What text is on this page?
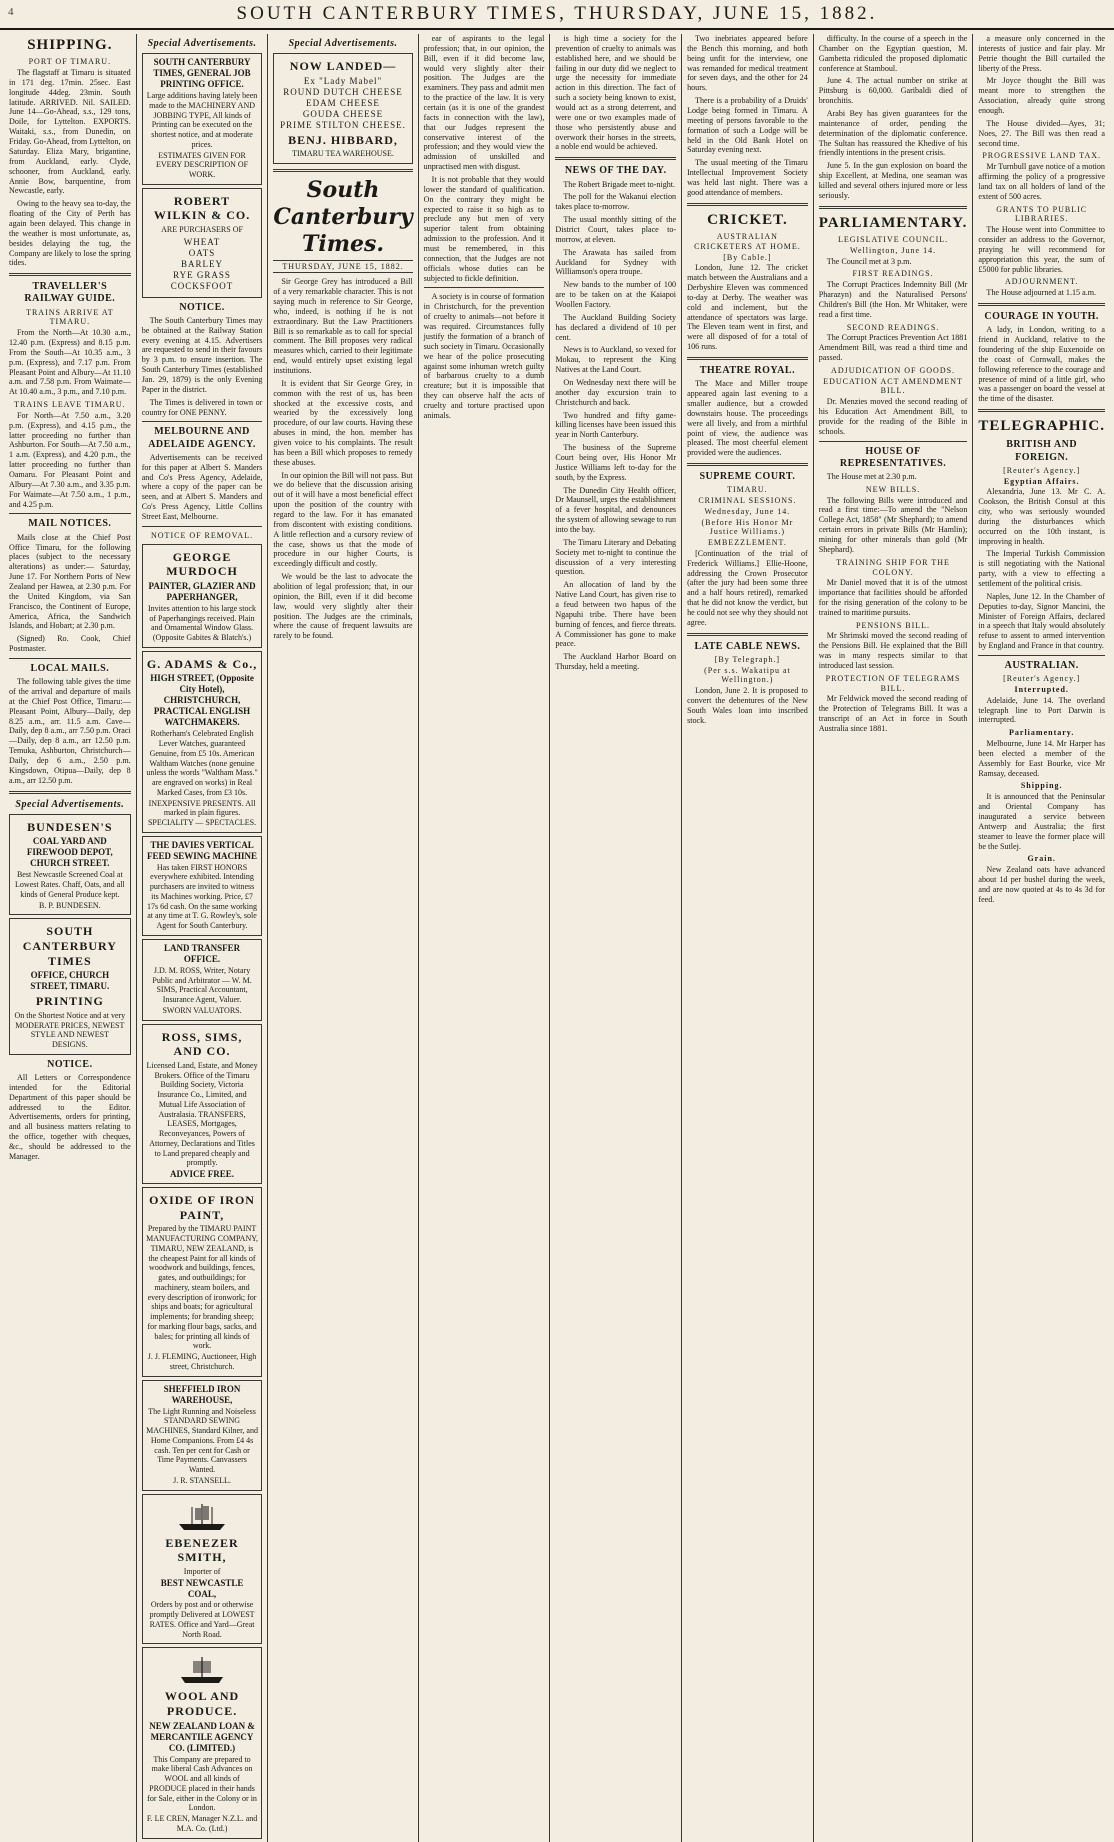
4	SOUTH CANTERBURY TIMES, THURSDAY, JUNE 15, 1882.
SHIPPING.
PORT OF TIMARU.

The flagstaff at Timaru is situated in 171 deg. 17min. 25sec. East longitude 44deg. 23min. South latitude. ARRIVED. Nil. SAILED. June 14—Go-Ahead, s.s., 129 tons, Doile, for Lyttelton. EXPORTS. Waitaki, s.s., from Dunedin, on Friday. Go-Ahead, from Lyttelton, on Saturday. Eliza Mary, brigantine, from Auckland, early. Clyde, schooner, from Auckland, early. Annie Bow, barquentine, from Newcastle, early.

Owing to the heavy sea to-day, the floating of the City of Perth has again been delayed. This change in the weather is most unfortunate, as, besides delaying the tug, the Company are likely to lose the spring tides.

TRAVELLER'S RAILWAY GUIDE.
TRAINS ARRIVE AT TIMARU.

From the North—At 10.30 a.m., 12.40 p.m. (Express) and 8.15 p.m. From the South—At 10.35 a.m., 3 p.m. (Express), and 7.17 p.m. From Pleasant Point and Albury—At 11.10 a.m. and 7.58 p.m. From Waimate—At 10.40 a.m., 3 p.m., and 7.10 p.m.

TRAINS LEAVE TIMARU.

For North—At 7.50 a.m., 3.20 p.m. (Express), and 4.15 p.m., the latter proceeding no further than Ashburton. For South—At 7.50 a.m., 1 a.m. (Express), and 4.20 p.m., the latter proceeding no further than Oamaru. For Pleasant Point and Albury—At 7.30 a.m., and 3.35 p.m. For Waimate—At 7.50 a.m., 1 p.m., and 4.25 p.m.

MAIL NOTICES.

Mails close at the Chief Post Office Timaru, for the following places (subject to the necessary alterations) as under:— Saturday, June 17. For Northern Ports of New Zealand per Hawea, at 2.30 p.m. For the United Kingdom, via San Francisco, the Continent of Europe, America, Africa, the Sandwich Islands, and Hobart; at 2.30 p.m.

(Signed) Ro. Cook, Chief Postmaster.

LOCAL MAILS.

The following table gives the time of the arrival and departure of mails at the Chief Post Office, Timaru:— Pleasant Point, Albury—Daily, dep 8.25 a.m., arr. 11.5 a.m. Cave—Daily, dep 8 a.m., arr 7.50 p.m. Oraci—Daily, dep 8 a.m., arr 12.50 p.m. Temuka, Ashburton, Christchurch—Daily, dep 6 a.m., 2.50 p.m. Kingsdown, Otipua—Daily, dep 8 a.m., arr 12.50 p.m.

Special Advertisements.
BUNDESEN'S
COAL YARD AND FIREWOOD DEPOT, CHURCH STREET.
Best Newcastle Screened Coal at Lowest Rates. Chaff, Oats, and all kinds of General Produce kept.
B. P. BUNDESEN.
SOUTH CANTERBURY TIMES
OFFICE, CHURCH STREET, TIMARU.
PRINTING
On the Shortest Notice and at very MODERATE PRICES, NEWEST STYLE AND NEWEST DESIGNS.
NOTICE.

All Letters or Correspondence intended for the Editorial Department of this paper should be addressed to the Editor. Advertisements, orders for printing, and all business matters relating to the office, together with cheques, &c., should be addressed to the Manager.

Special Advertisements.
SOUTH CANTERBURY TIMES, GENERAL JOB PRINTING OFFICE.
Large additions having lately been made to the MACHINERY AND JOBBING TYPE, All kinds of Printing can be executed on the shortest notice, and at moderate prices.
ESTIMATES GIVEN FOR EVERY DESCRIPTION OF WORK.
ROBERT WILKIN & CO.
ARE PURCHASERS OF
WHEAT
OATS
BARLEY
RYE GRASS
COCKSFOOT
NOTICE.

The South Canterbury Times may be obtained at the Railway Station every evening at 4.15. Advertisers are requested to send in their favours by 3 p.m. to ensure insertion. The South Canterbury Times (established Jan. 29, 1879) is the only Evening Paper in the district.

The Times is delivered in town or country for ONE PENNY.

MELBOURNE AND ADELAIDE AGENCY.

Advertisements can be received for this paper at Albert S. Manders and Co's Press Agency, Adelaide, where a copy of the paper can be seen, and at Albert S. Manders and Co's Press Agency, Little Collins Street East, Melbourne.

NOTICE OF REMOVAL.
GEORGE MURDOCH
PAINTER, GLAZIER AND PAPERHANGER,
Invites attention to his large stock of Paperhangings received. Plain and Ornamental Window Glass. (Opposite Gabites & Blatch's.)
G. ADAMS & Co.,
HIGH STREET, (Opposite City Hotel), CHRISTCHURCH, PRACTICAL ENGLISH WATCHMAKERS.
Rotherham's Celebrated English Lever Watches, guaranteed Genuine, from £5 10s. American Waltham Watches (none genuine unless the words "Waltham Mass." are engraved on works) in Real Marked Cases, from £3 10s.
INEXPENSIVE PRESENTS. All marked in plain figures. SPECIALITY — SPECTACLES.
THE DAVIES VERTICAL FEED SEWING MACHINE
Has taken FIRST HONORS everywhere exhibited. Intending purchasers are invited to witness its Machines working. Price, £7 17s 6d cash. On the same working at any time at T. G. Rowley's, sole Agent for South Canterbury.
LAND TRANSFER OFFICE.
J.D. M. ROSS, Writer, Notary Public and Arbitrator — W. M. SIMS, Practical Accountant, Insurance Agent, Valuer.
SWORN VALUATORS.
ROSS, SIMS, AND CO.
Licensed Land, Estate, and Money Brokers. Office of the Timaru Building Society, Victoria Insurance Co., Limited, and Mutual Life Association of Australasia. TRANSFERS, LEASES, Mortgages, Reconveyances, Powers of Attorney, Declarations and Titles to Land prepared cheaply and promptly.
ADVICE FREE.
OXIDE OF IRON PAINT,
Prepared by the TIMARU PAINT MANUFACTURING COMPANY, TIMARU, NEW ZEALAND, is the cheapest Paint for all kinds of woodwork and buildings, fences, gates, and outbuildings; for machinery, steam boilers, and every description of ironwork; for ships and boats; for agricultural implements; for branding sheep; for marking flour bags, sacks, and bales; for printing all kinds of work.
J. J. FLEMING, Auctioneer, High street, Christchurch.
SHEFFIELD IRON WAREHOUSE,
The Light Running and Noiseless STANDARD SEWING MACHINES, Standard Kilner, and Home Companions. From £4 4s cash. Ten per cent for Cash or Time Payments. Canvassers Wanted.
J. R. STANSELL.
EBENEZER SMITH,
Importer of
BEST NEWCASTLE COAL,
Orders by post and or otherwise promptly Delivered at LOWEST RATES. Office and Yard—Great North Road.
WOOL AND PRODUCE.
NEW ZEALAND LOAN & MERCANTILE AGENCY CO. (LIMITED.)
This Company are prepared to make liberal Cash Advances on WOOL and all kinds of PRODUCE placed in their hands for Sale, either in the Colony or in London.
F. LE CREN, Manager N.Z.L. and M.A. Co. (Ltd.)
Special Advertisements.
NOW LANDED—
Ex "Lady Mabel"
ROUND DUTCH CHEESE
EDAM CHEESE
GOUDA CHEESE
PRIME STILTON CHEESE.
BENJ. HIBBARD,
TIMARU TEA WAREHOUSE.
South Canterbury Times.
THURSDAY, JUNE 15, 1882.

Sir George Grey has introduced a Bill of a very remarkable character. This is not saying much in reference to Sir George, who, indeed, is nothing if he is not extraordinary. But the Law Practitioners Bill is so remarkable as to call for special comment. The Bill proposes very radical measures which, carried to their legitimate end, would entirely upset existing legal institutions.

It is evident that Sir George Grey, in common with the rest of us, has been shocked at the excessive costs, and wearied by the excessively long procedure, of our law courts. Having these abuses in mind, the hon. member has given voice to his complaints. The result has been a Bill which proposes to remedy these abuses.

In our opinion the Bill will not pass. But we do believe that the discussion arising out of it will have a most beneficial effect upon the position of the country with regard to the law. For it has emanated from discontent with existing conditions. A little reflection and a cursory review of the case, shows us that the mode of procedure in our higher Courts, is exceedingly difficult and costly.

We would be the last to advocate the abolition of legal profession; that, in our opinion, the Bill, even if it did become law, would very slightly alter their position. The Judges are the criminals, where the cause of frequent lawsuits are rarely to be found.

ear of aspirants to the legal profession; that, in our opinion, the Bill, even if it did become law, would very slightly alter their position. The Judges are the examiners. They pass and admit men to the practice of the law. It is very certain (as it is one of the grandest facts in connection with the law), that our Judges represent the conservative interest of the profession; and they would view the admission of unskilled and unpractised men with disgust.

It is not probable that they would lower the standard of qualification. On the contrary they might be expected to raise it so high as to preclude any but men of very superior talent from obtaining admission to the profession. And it must be remembered, in this connection, that the Judges are not officials whose duties can be subjected to fickle definition.

A society is in course of formation in Christchurch, for the prevention of cruelty to animals—not before it was required. Circumstances fully justify the formation of a branch of such society in Timaru. Occasionally we hear of the police prosecuting against some inhuman wretch guilty of barbarous cruelty to a dumb creature; but it is impossible that they can observe half the acts of cruelty and torture practised upon animals.

is high time a society for the prevention of cruelty to animals was established here, and we should be failing in our duty did we neglect to urge the necessity for immediate action in this direction. The fact of such a society being known to exist, would act as a strong deterrent, and were one or two examples made of those who persistently abuse and overwork their horses in the streets, a noble end would be achieved.

NEWS OF THE DAY.

The Robert Brigade meet to-night.

The poll for the Wakanui election takes place to-morrow.

The usual monthly sitting of the District Court, takes place to-morrow, at eleven.

The Arawata has sailed from Auckland for Sydney with Williamson's opera troupe.

New bands to the number of 100 are to be taken on at the Kaiapoi Woollen Factory.

The Auckland Building Society has declared a dividend of 10 per cent.

News is to Auckland, so vexed for Mokau, to represent the King Natives at the Land Court.

On Wednesday next there will be another day excursion train to Christchurch and back.

Two hundred and fifty game-killing licenses have been issued this year in North Canterbury.

The business of the Supreme Court being over, His Honor Mr Justice Williams left to-day for the south, by the Express.

The Dunedin City Health officer, Dr Maunsell, urges the establishment of a fever hospital, and denounces the system of allowing sewage to run into the bay.

The Timaru Literary and Debating Society met to-night to continue the discussion of a very interesting question.

An allocation of land by the Native Land Court, has given rise to a feud between two hapus of the Ngapuhi tribe. There have been burning of fences, and fierce threats. A Commissioner has gone to make peace.

The Auckland Harbor Board on Thursday, held a meeting.

Two inebriates appeared before the Bench this morning, and both being unfit for the interview, one was remanded for medical treatment for seven days, and the other for 24 hours.

There is a probability of a Druids' Lodge being formed in Timaru. A meeting of persons favorable to the formation of such a Lodge will be held in the Old Bank Hotel on Saturday evening next.

The usual meeting of the Timaru Intellectual Improvement Society was held last night. There was a good attendance of members.

CRICKET.
AUSTRALIAN CRICKETERS AT HOME.
[By Cable.]

London, June 12. The cricket match between the Australians and a Derbyshire Eleven was commenced to-day at Derby. The weather was cold and inclement, but the attendance of spectators was large. The Eleven team went in first, and were all disposed of for a total of 106 runs.

THEATRE ROYAL.

The Mace and Miller troupe appeared again last evening to a smaller audience, but a crowded downstairs house. The proceedings were all lively, and from a mirthful point of view, the audience was pleased. The most cheerful element provided were the audiences.

SUPREME COURT.
TIMARU.
CRIMINAL SESSIONS.
Wednesday, June 14.
(Before His Honor Mr Justice Williams.)
EMBEZZLEMENT.

[Continuation of the trial of Frederick Williams.] Ellie-Hoone, addressing the Crown Prosecutor (after the jury had been some three and a half hours retired), remarked that he did not know the verdict, but he could not see why they should not agree.

LATE CABLE NEWS.
[By Telegraph.]
(Per s.s. Wakatipu at Wellington.)

London, June 2. It is proposed to convert the debentures of the New South Wales loan into inscribed stock.

difficulty. In the course of a speech in the Chamber on the Egyptian question, M. Gambetta ridiculed the proposed diplomatic conference at Stamboul.

June 4. The actual number on strike at Pittsburg is 60,000. Garibaldi died of bronchitis.

Arabi Bey has given guarantees for the maintenance of order, pending the determination of the diplomatic conference. The Sultan has reassured the Khedive of his friendly intentions in the present crisis.

June 5. In the gun explosion on board the ship Excellent, at Medina, one seaman was killed and several others injured more or less seriously.

PARLIAMENTARY.
LEGISLATIVE COUNCIL.
Wellington, June 14.

The Council met at 3 p.m.

FIRST READINGS.

The Corrupt Practices Indemnity Bill (Mr Pharazyn) and the Naturalised Persons' Children's Bill (the Hon. Mr Whitaker, were read a first time.

SECOND READINGS.

The Corrupt Practices Prevention Act 1881 Amendment Bill, was read a third time and passed.

ADJUDICATION OF GOODS.
EDUCATION ACT AMENDMENT BILL.

Dr. Menzies moved the second reading of his Education Act Amendment Bill, to provide for the reading of the Bible in schools.

HOUSE OF REPRESENTATIVES.

The House met at 2.30 p.m.

NEW BILLS.

The following Bills were introduced and read a first time:—To amend the "Nelson College Act, 1858" (Mr Shephard); to amend certain errors in private Bills (Mr Hamlin); mining for other minerals than gold (Mr Shephard).

TRAINING SHIP FOR THE COLONY.

Mr Daniel moved that it is of the utmost importance that facilities should be afforded for the rising generation of the colony to be trained to maritime pursuits.

PENSIONS BILL.

Mr Shrimski moved the second reading of the Pensions Bill. He explained that the Bill was in many respects similar to that introduced last session.

PROTECTION OF TELEGRAMS BILL.

Mr Feldwick moved the second reading of the Protection of Telegrams Bill. It was a transcript of an Act in force in South Australia since 1881.

a measure only concerned in the interests of justice and fair play. Mr Petrie thought the Bill curtailed the liberty of the Press.

Mr Joyce thought the Bill was meant more to strengthen the Association, already quite strong enough.

The House divided—Ayes, 31; Noes, 27. The Bill was then read a second time.

PROGRESSIVE LAND TAX.

Mr Turnbull gave notice of a motion affirming the policy of a progressive land tax on all holders of land of the extent of 500 acres.

GRANTS TO PUBLIC LIBRARIES.

The House went into Committee to consider an address to the Governor, praying he will recommend for appropriation this year, the sum of £5000 for public libraries.

ADJOURNMENT.

The House adjourned at 1.15 a.m.

COURAGE IN YOUTH.

A lady, in London, writing to a friend in Auckland, relative to the foundering of the ship Euxenoide on the coast of Cornwall, makes the following reference to the courage and presence of mind of a little girl, who was a passenger on board the vessel at the time of the disaster.

TELEGRAPHIC.
BRITISH AND FOREIGN.
[Reuter's Agency.]
Egyptian Affairs.

Alexandria, June 13. Mr C. A. Cookson, the British Consul at this city, who was seriously wounded during the disturbances which occurred on the 10th instant, is improving in health.

The Imperial Turkish Commission is still negotiating with the National party, with a view to effecting a settlement of the political crisis.

Naples, June 12. In the Chamber of Deputies to-day, Signor Mancini, the Minister of Foreign Affairs, declared in a speech that Italy would absolutely refuse to assent to armed intervention by England and France in that country.

AUSTRALIAN.
[Reuter's Agency.]
Interrupted.

Adelaide, June 14. The overland telegraph line to Port Darwin is interrupted.

Parliamentary.

Melbourne, June 14. Mr Harper has been elected a member of the Assembly for East Bourke, vice Mr Ramsay, deceased.

Shipping.

It is announced that the Peninsular and Oriental Company has inaugurated a service between Antwerp and Australia; the first steamer to leave the former place will be the Sutlej.

Grain.

New Zealand oats have advanced about 1d per bushel during the week, and are now quoted at 4s to 4s 3d for feed.
